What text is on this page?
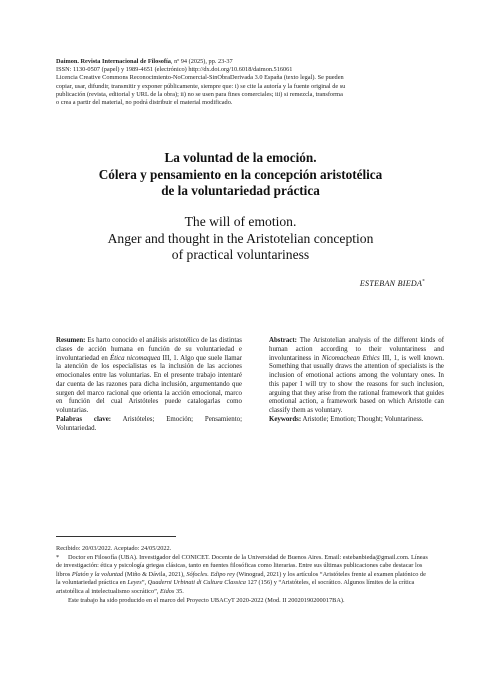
Daimon. Revista Internacional de Filosofía, nº 94 (2025), pp. 23-37

ISSN: 1130-0507 (papel) y 1989-4651 (electrónico) http://dx.doi.org/10.6018/daimon.516061

Licencia Creative Commons Reconocimiento-NoComercial-SinObraDerivada 3.0 España (texto legal). Se pueden

copiar, usar, difundir, transmitir y exponer públicamente, siempre que: i) se cite la autoría y la fuente original de su

publicación (revista, editorial y URL de la obra); ii) no se usen para fines comerciales; iii) si remezcla, transforma

o crea a partir del material, no podrá distribuir el material modificado.

La voluntad de la emoción.
Cólera y pensamiento en la concepción aristotélica
de la voluntariedad práctica
The will of emotion.
Anger and thought in the Aristotelian conception
of practical voluntariness
ESTEBAN BIEDA*

Resumen: Es harto conocido el análisis aristotélico de las distintas clases de acción humana en función de su voluntariedad e involuntariedad en Ética nicomaquea III, 1. Algo que suele llamar la atención de los especialistas es la inclusión de las acciones emocionales entre las voluntarias. En el presente trabajo intentaré dar cuenta de las razones para dicha inclusión, argumentando que surgen del marco racional que orienta la acción emocional, marco en función del cual Aristóteles puede catalogarlas como voluntarias.

Palabras clave: Aristóteles; Emoción; Pensamiento; Voluntariedad.

Abstract: The Aristotelian analysis of the different kinds of human action according to their voluntariness and involuntariness in Nicomachean Ethics III, 1, is well known. Something that usually draws the attention of specialists is the inclusion of emotional actions among the voluntary ones. In this paper I will try to show the reasons for such inclusion, arguing that they arise from the rational framework that guides emotional action, a framework based on which Aristotle can classify them as voluntary.

Keywords: Aristotle; Emotion; Thought; Voluntariness.

Recibido: 20/03/2022. Aceptado: 24/05/2022.

* Doctor en Filosofía (UBA). Investigador del CONICET. Docente de la Universidad de Buenos Aires. Email: estebanbieda@gmail.com. Líneas de investigación: ética y psicología griegas clásicas, tanto en fuentes filosóficas como literarias. Entre sus últimas publicaciones cabe destacar los libros Platón y la voluntad (Miño & Dávila, 2021), Sófocles. Edipo rey (Winograd, 2021) y los artículos “Aristóteles frente al examen platónico de la voluntariedad práctica en Leyes”, Quaderni Urbinati di Cultura Classica 127 (156) y “Aristóteles, el socrático. Algunos límites de la crítica aristotélica al intelectualismo socrático”, Eidos 35.

Este trabajo ha sido producido en el marco del Proyecto UBACyT 2020-2022 (Mod. II 20020190200017BA).
